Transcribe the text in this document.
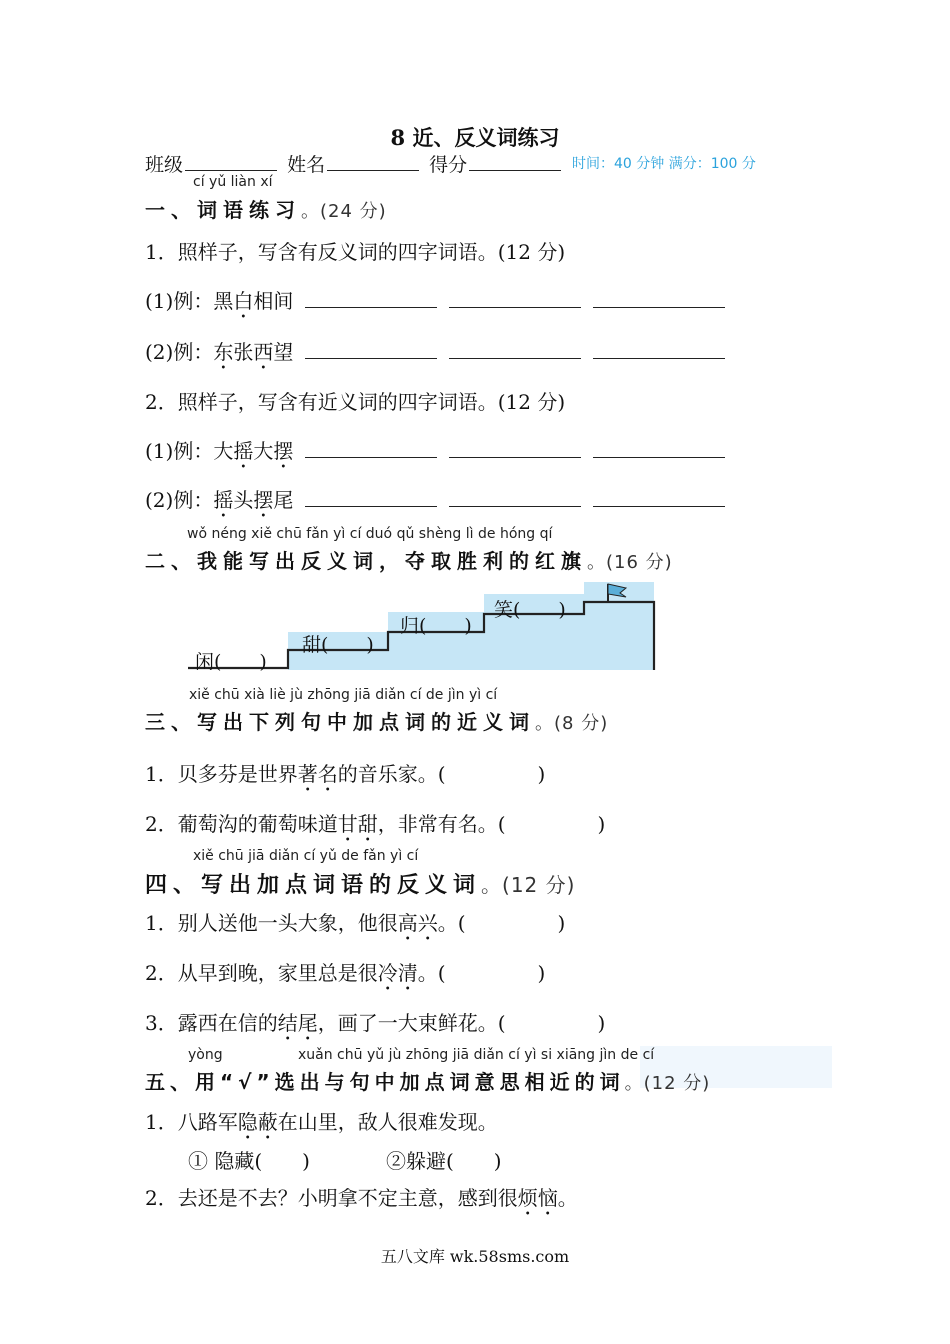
8 近、反义词练习
班级	姓名	得分	时间：40 分钟 满分：100 分
cí yǔ liàn xí
一、词语练习。(24 分)
1．照样子，写含有反义词的四字词语。(12 分)
(1)例：黑白相间
(2)例：东张西望
2．照样子，写含有近义词的四字词语。(12 分)
(1)例：大摇大摆
(2)例：摇头摆尾
wǒ néng xiě chū fǎn yì cí duó qǔ shèng lì de hóng qí
二、我能写出反义词，夺取胜利的红旗。(16 分)
闲(　　)
甜(　　)
归(　　)
笑(　　)
xiě chū xià liè jù zhōng jiā diǎn cí de jìn yì cí
三、写出下列句中加点词的近义词。(8 分)
1．贝多芬是世界著名的音乐家。(	)
2．葡萄沟的葡萄味道甘甜，非常有名。(	)
xiě chū jiā diǎn cí yǔ de fǎn yì cí
四、写出加点词语的反义词。(12 分)
1．别人送他一头大象，他很高兴。(	)
2．从早到晚，家里总是很冷清。(	)
3．露西在信的结尾，画了一大束鲜花。(	)
yòng	xuǎn chū yǔ jù zhōng jiā diǎn cí yì si xiāng jìn de cí
五、用“√”选出与句中加点词意思相近的词。(12 分)
1．八路军隐蔽在山里，敌人很难发现。
① 隐藏(　　)	②躲避(　　)
2．去还是不去？小明拿不定主意，感到很烦恼。
五八文库 wk.58sms.com
